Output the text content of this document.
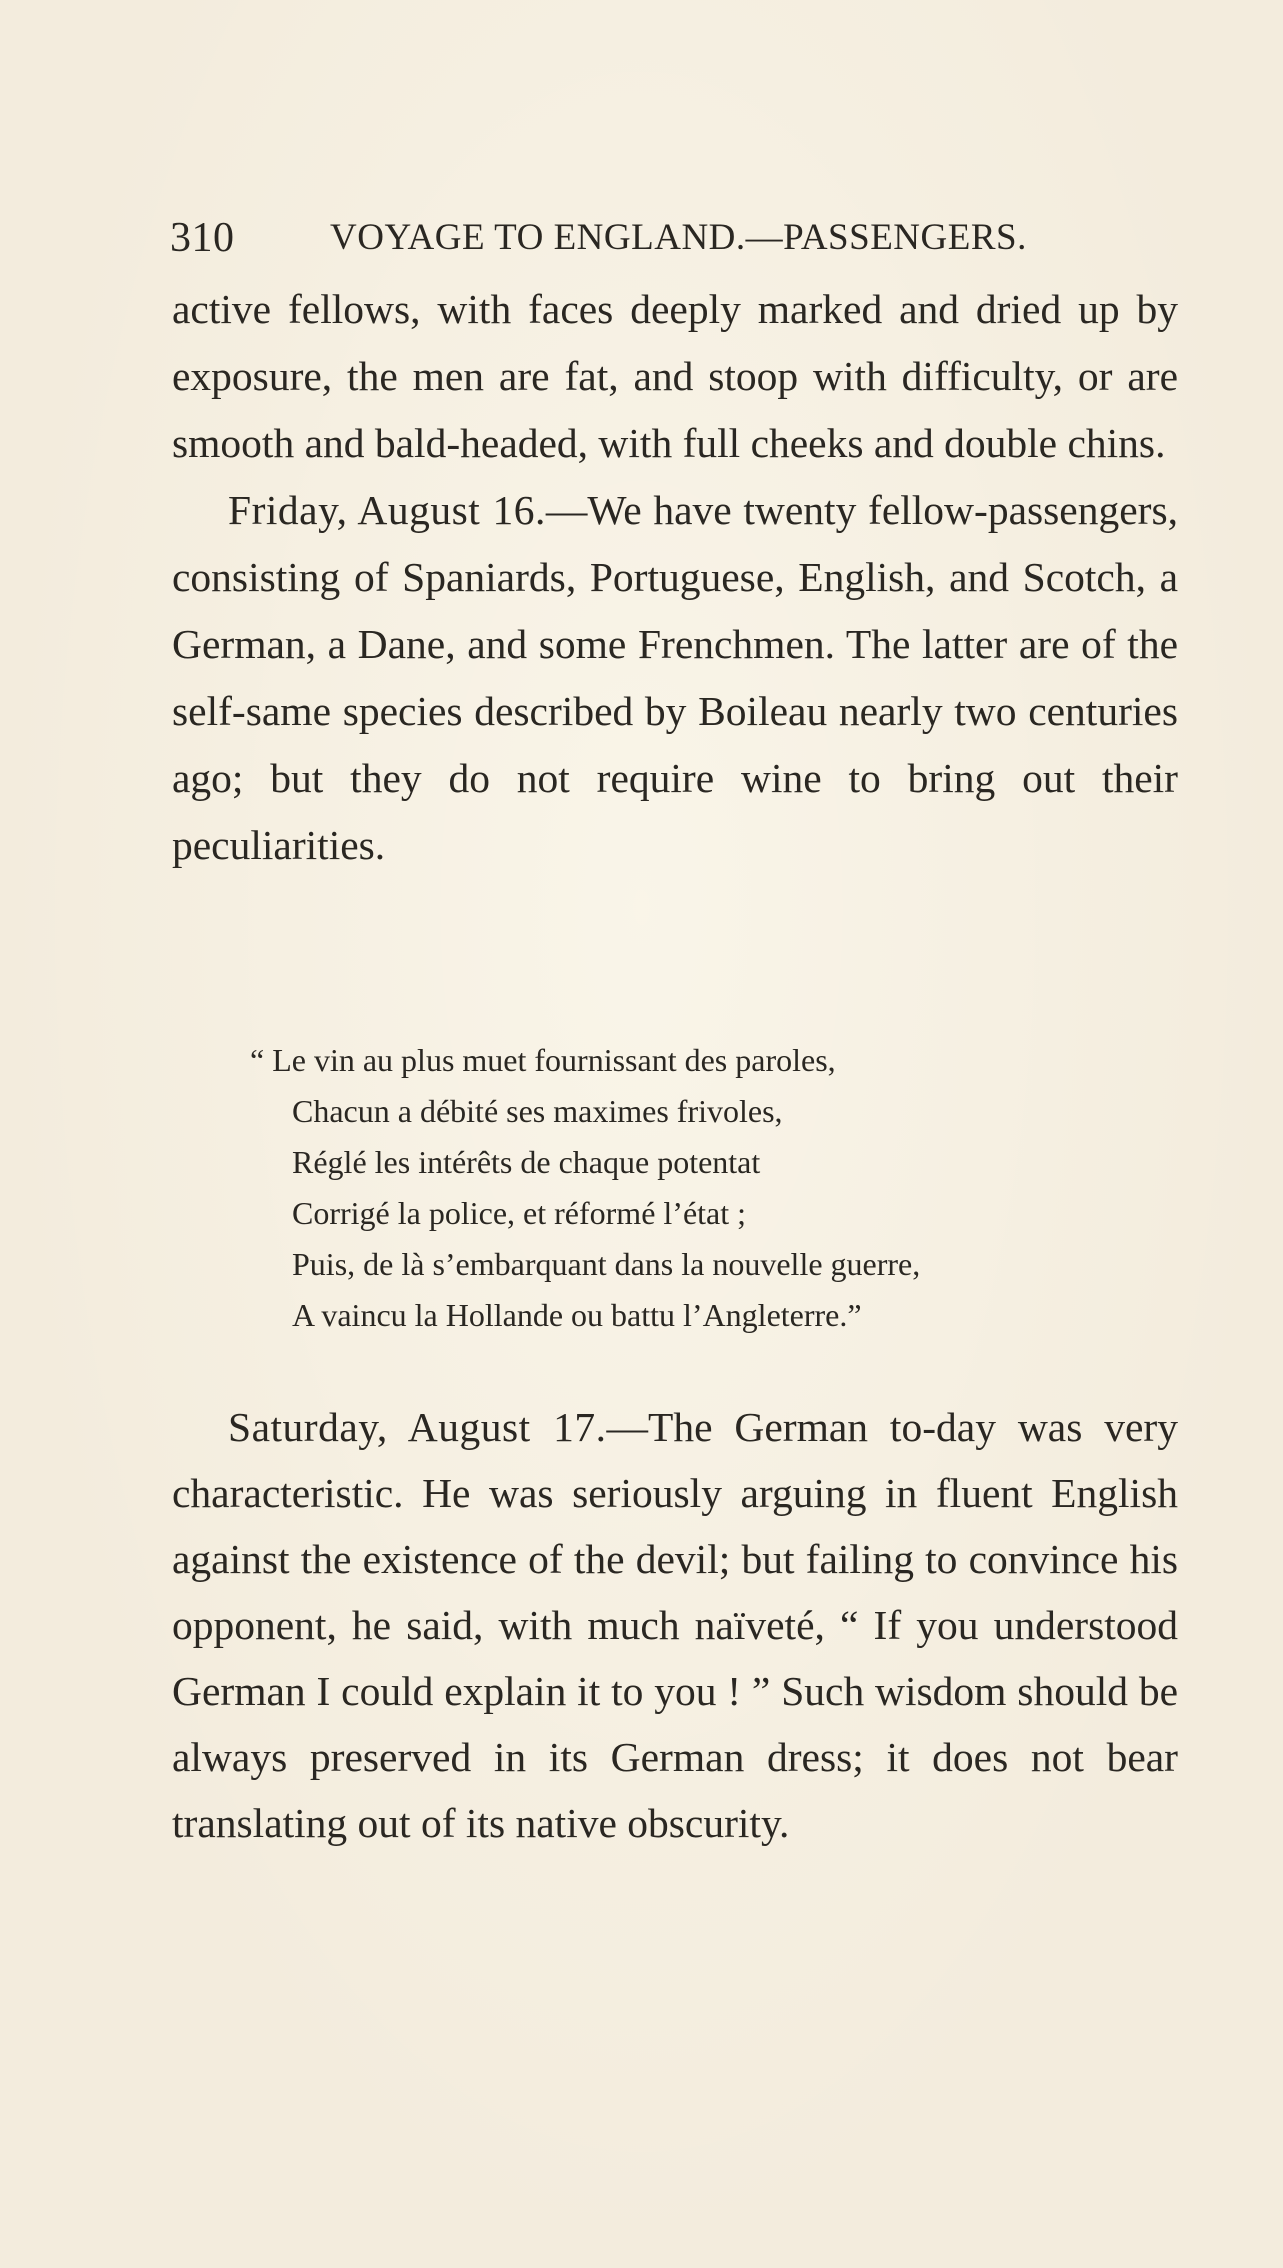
310	VOYAGE TO ENGLAND.—PASSENGERS.

active fellows, with faces deeply marked and dried up by exposure, the men are fat, and stoop with difficulty, or are smooth and bald-headed, with full cheeks and double chins.

Friday, August 16.—We have twenty fellow-passengers, consisting of Spaniards, Portuguese, English, and Scotch, a German, a Dane, and some Frenchmen. The latter are of the self-same species described by Boileau nearly two centuries ago; but they do not require wine to bring out their peculiarities.

“ Le vin au plus muet fournissant des paroles,
Chacun a débité ses maximes frivoles,
Réglé les intérêts de chaque potentat
Corrigé la police, et réformé l’état ;
Puis, de là s’embarquant dans la nouvelle guerre,
A vaincu la Hollande ou battu l’Angleterre.”

Saturday, August 17.—The German to-day was very characteristic. He was seriously arguing in fluent English against the existence of the devil; but failing to convince his opponent, he said, with much naïveté, “ If you understood German I could explain it to you ! ” Such wisdom should be always preserved in its German dress; it does not bear translating out of its native obscurity.
